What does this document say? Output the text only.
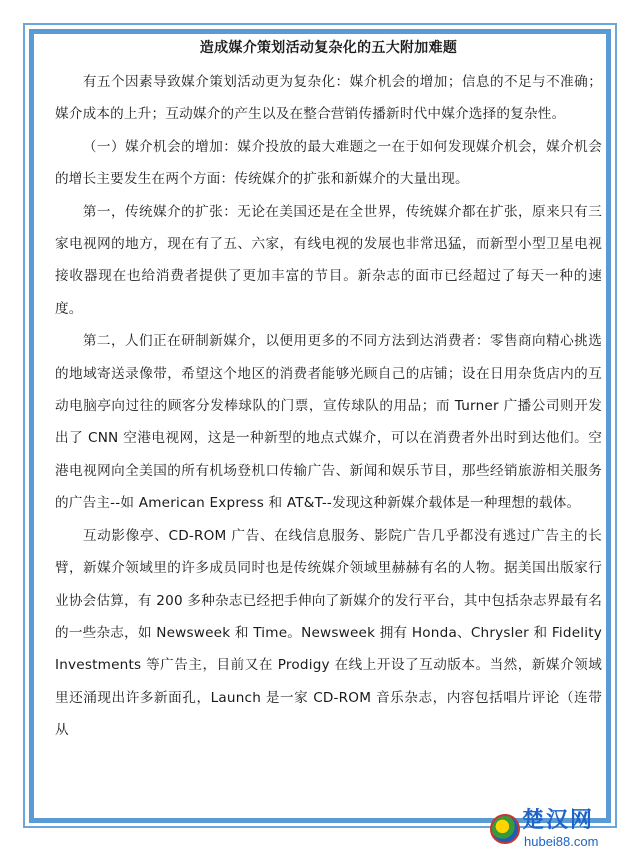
造成媒介策划活动复杂化的五大附加难题

有五个因素导致媒介策划活动更为复杂化：媒介机会的增加；信息的不足与不准确；媒介成本的上升；互动媒介的产生以及在整合营销传播新时代中媒介选择的复杂性。

（一）媒介机会的增加：媒介投放的最大难题之一在于如何发现媒介机会，媒介机会的增长主要发生在两个方面：传统媒介的扩张和新媒介的大量出现。

第一，传统媒介的扩张：无论在美国还是在全世界，传统媒介都在扩张，原来只有三家电视网的地方，现在有了五、六家，有线电视的发展也非常迅猛，而新型小型卫星电视接收器现在也给消费者提供了更加丰富的节目。新杂志的面市已经超过了每天一种的速度。

第二，人们正在研制新媒介，以便用更多的不同方法到达消费者：零售商向精心挑选的地域寄送录像带，希望这个地区的消费者能够光顾自己的店铺；设在日用杂货店内的互动电脑亭向过往的顾客分发棒球队的门票，宣传球队的用品；而 Turner 广播公司则开发出了 CNN 空港电视网，这是一种新型的地点式媒介，可以在消费者外出时到达他们。空港电视网向全美国的所有机场登机口传输广告、新闻和娱乐节目，那些经销旅游相关服务的广告主--如 American Express 和 AT&T--发现这种新媒介载体是一种理想的载体。

互动影像亭、CD-ROM 广告、在线信息服务、影院广告几乎都没有逃过广告主的长臂，新媒介领域里的许多成员同时也是传统媒介领域里赫赫有名的人物。据美国出版家行业协会估算，有 200 多种杂志已经把手伸向了新媒介的发行平台，其中包括杂志界最有名的一些杂志，如 Newsweek 和 Time。Newsweek 拥有 Honda、Chrysler 和 Fidelity Investments 等广告主，目前又在 Prodigy 在线上开设了互动版本。当然，新媒介领域里还涌现出许多新面孔，Launch 是一家 CD-ROM 音乐杂志，内容包括唱片评论（连带从

楚汉网
hubei88.com
